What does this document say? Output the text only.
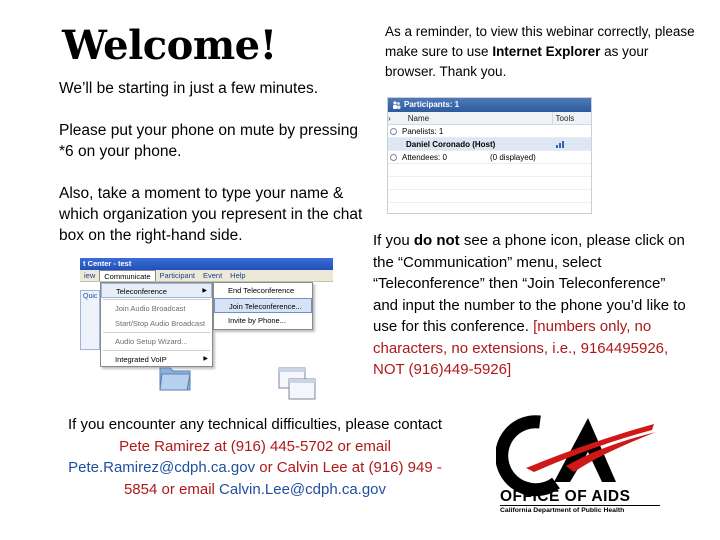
Welcome!

We’ll be starting in just a few minutes.

Please put your phone on mute by pressing *6 on your phone.

Also, take a moment to type your name & which organization you represent in the chat box on the right-hand side.

As a reminder, to view this webinar correctly, please make sure to use Internet Explorer as your browser. Thank you.
Participants: 1
›	Name	Tools
Panelists: 1
Daniel Coronado (Host)
Attendees: 0	(0 displayed)
If you do not see a phone icon, please click on the “Communication” menu, select “Teleconference” then “Join Teleconference” and input the number to the phone you’d like to use for this conference. [numbers only, no characters, no extensions, i.e., 9164495926, NOT (916)449-5926]
t Center - test
iew	Communicate	Participant	Event	Help
Quic
Teleconference	▶
Join Audio Broadcast
Start/Stop Audio Broadcast
Audio Setup Wizard...
Integrated VoIP	▶
End Teleconference
Join Teleconference...
Invite by Phone...
If you encounter any technical difficulties, please contact Pete Ramirez at (916) 445-5702 or email Pete.Ramirez@cdph.ca.gov or Calvin Lee at (916) 949 - 5854 or email Calvin.Lee@cdph.ca.gov	OFFICE OF AIDS
California Department of Public Health
